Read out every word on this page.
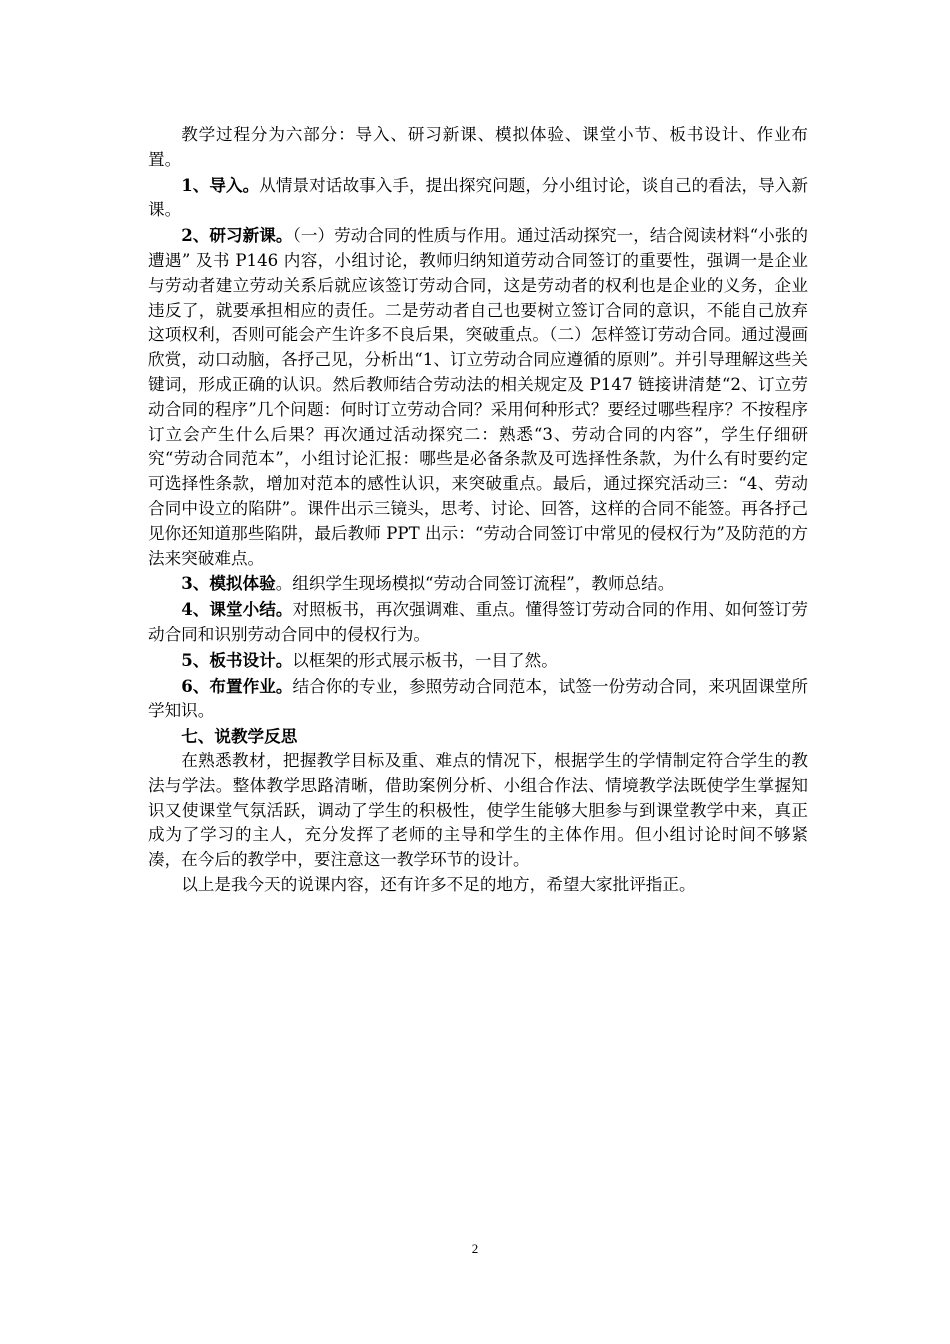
教学过程分为六部分：导入、研习新课、模拟体验、课堂小节、板书设计、作业布置。

1、导入。从情景对话故事入手，提出探究问题，分小组讨论，谈自己的看法，导入新课。

2、研习新课。（一）劳动合同的性质与作用。通过活动探究一，结合阅读材料“小张的遭遇” 及书 P146 内容，小组讨论，教师归纳知道劳动合同签订的重要性，强调一是企业与劳动者建立劳动关系后就应该签订劳动合同，这是劳动者的权利也是企业的义务，企业违反了，就要承担相应的责任。二是劳动者自己也要树立签订合同的意识，不能自己放弃这项权利，否则可能会产生许多不良后果，突破重点。（二）怎样签订劳动合同。通过漫画欣赏，动口动脑，各抒己见，分析出“1、订立劳动合同应遵循的原则”。并引导理解这些关键词，形成正确的认识。然后教师结合劳动法的相关规定及 P147 链接讲清楚“2、订立劳动合同的程序”几个问题：何时订立劳动合同？采用何种形式？要经过哪些程序？不按程序订立会产生什么后果？再次通过活动探究二：熟悉“3、劳动合同的内容”，学生仔细研究“劳动合同范本”，小组讨论汇报：哪些是必备条款及可选择性条款，为什么有时要约定可选择性条款，增加对范本的感性认识，来突破重点。最后，通过探究活动三：“4、劳动合同中设立的陷阱”。课件出示三镜头，思考、讨论、回答，这样的合同不能签。再各抒己见你还知道那些陷阱，最后教师 PPT 出示：“劳动合同签订中常见的侵权行为”及防范的方法来突破难点。

3、模拟体验。组织学生现场模拟“劳动合同签订流程”，教师总结。

4、课堂小结。对照板书，再次强调难、重点。懂得签订劳动合同的作用、如何签订劳动合同和识别劳动合同中的侵权行为。

5、板书设计。以框架的形式展示板书，一目了然。

6、布置作业。结合你的专业，参照劳动合同范本，试签一份劳动合同，来巩固课堂所学知识。

七、说教学反思

在熟悉教材，把握教学目标及重、难点的情况下，根据学生的学情制定符合学生的教法与学法。整体教学思路清晰，借助案例分析、小组合作法、情境教学法既使学生掌握知识又使课堂气氛活跃，调动了学生的积极性，使学生能够大胆参与到课堂教学中来，真正成为了学习的主人，充分发挥了老师的主导和学生的主体作用。但小组讨论时间不够紧凑，在今后的教学中，要注意这一教学环节的设计。

以上是我今天的说课内容，还有许多不足的地方，希望大家批评指正。

2
